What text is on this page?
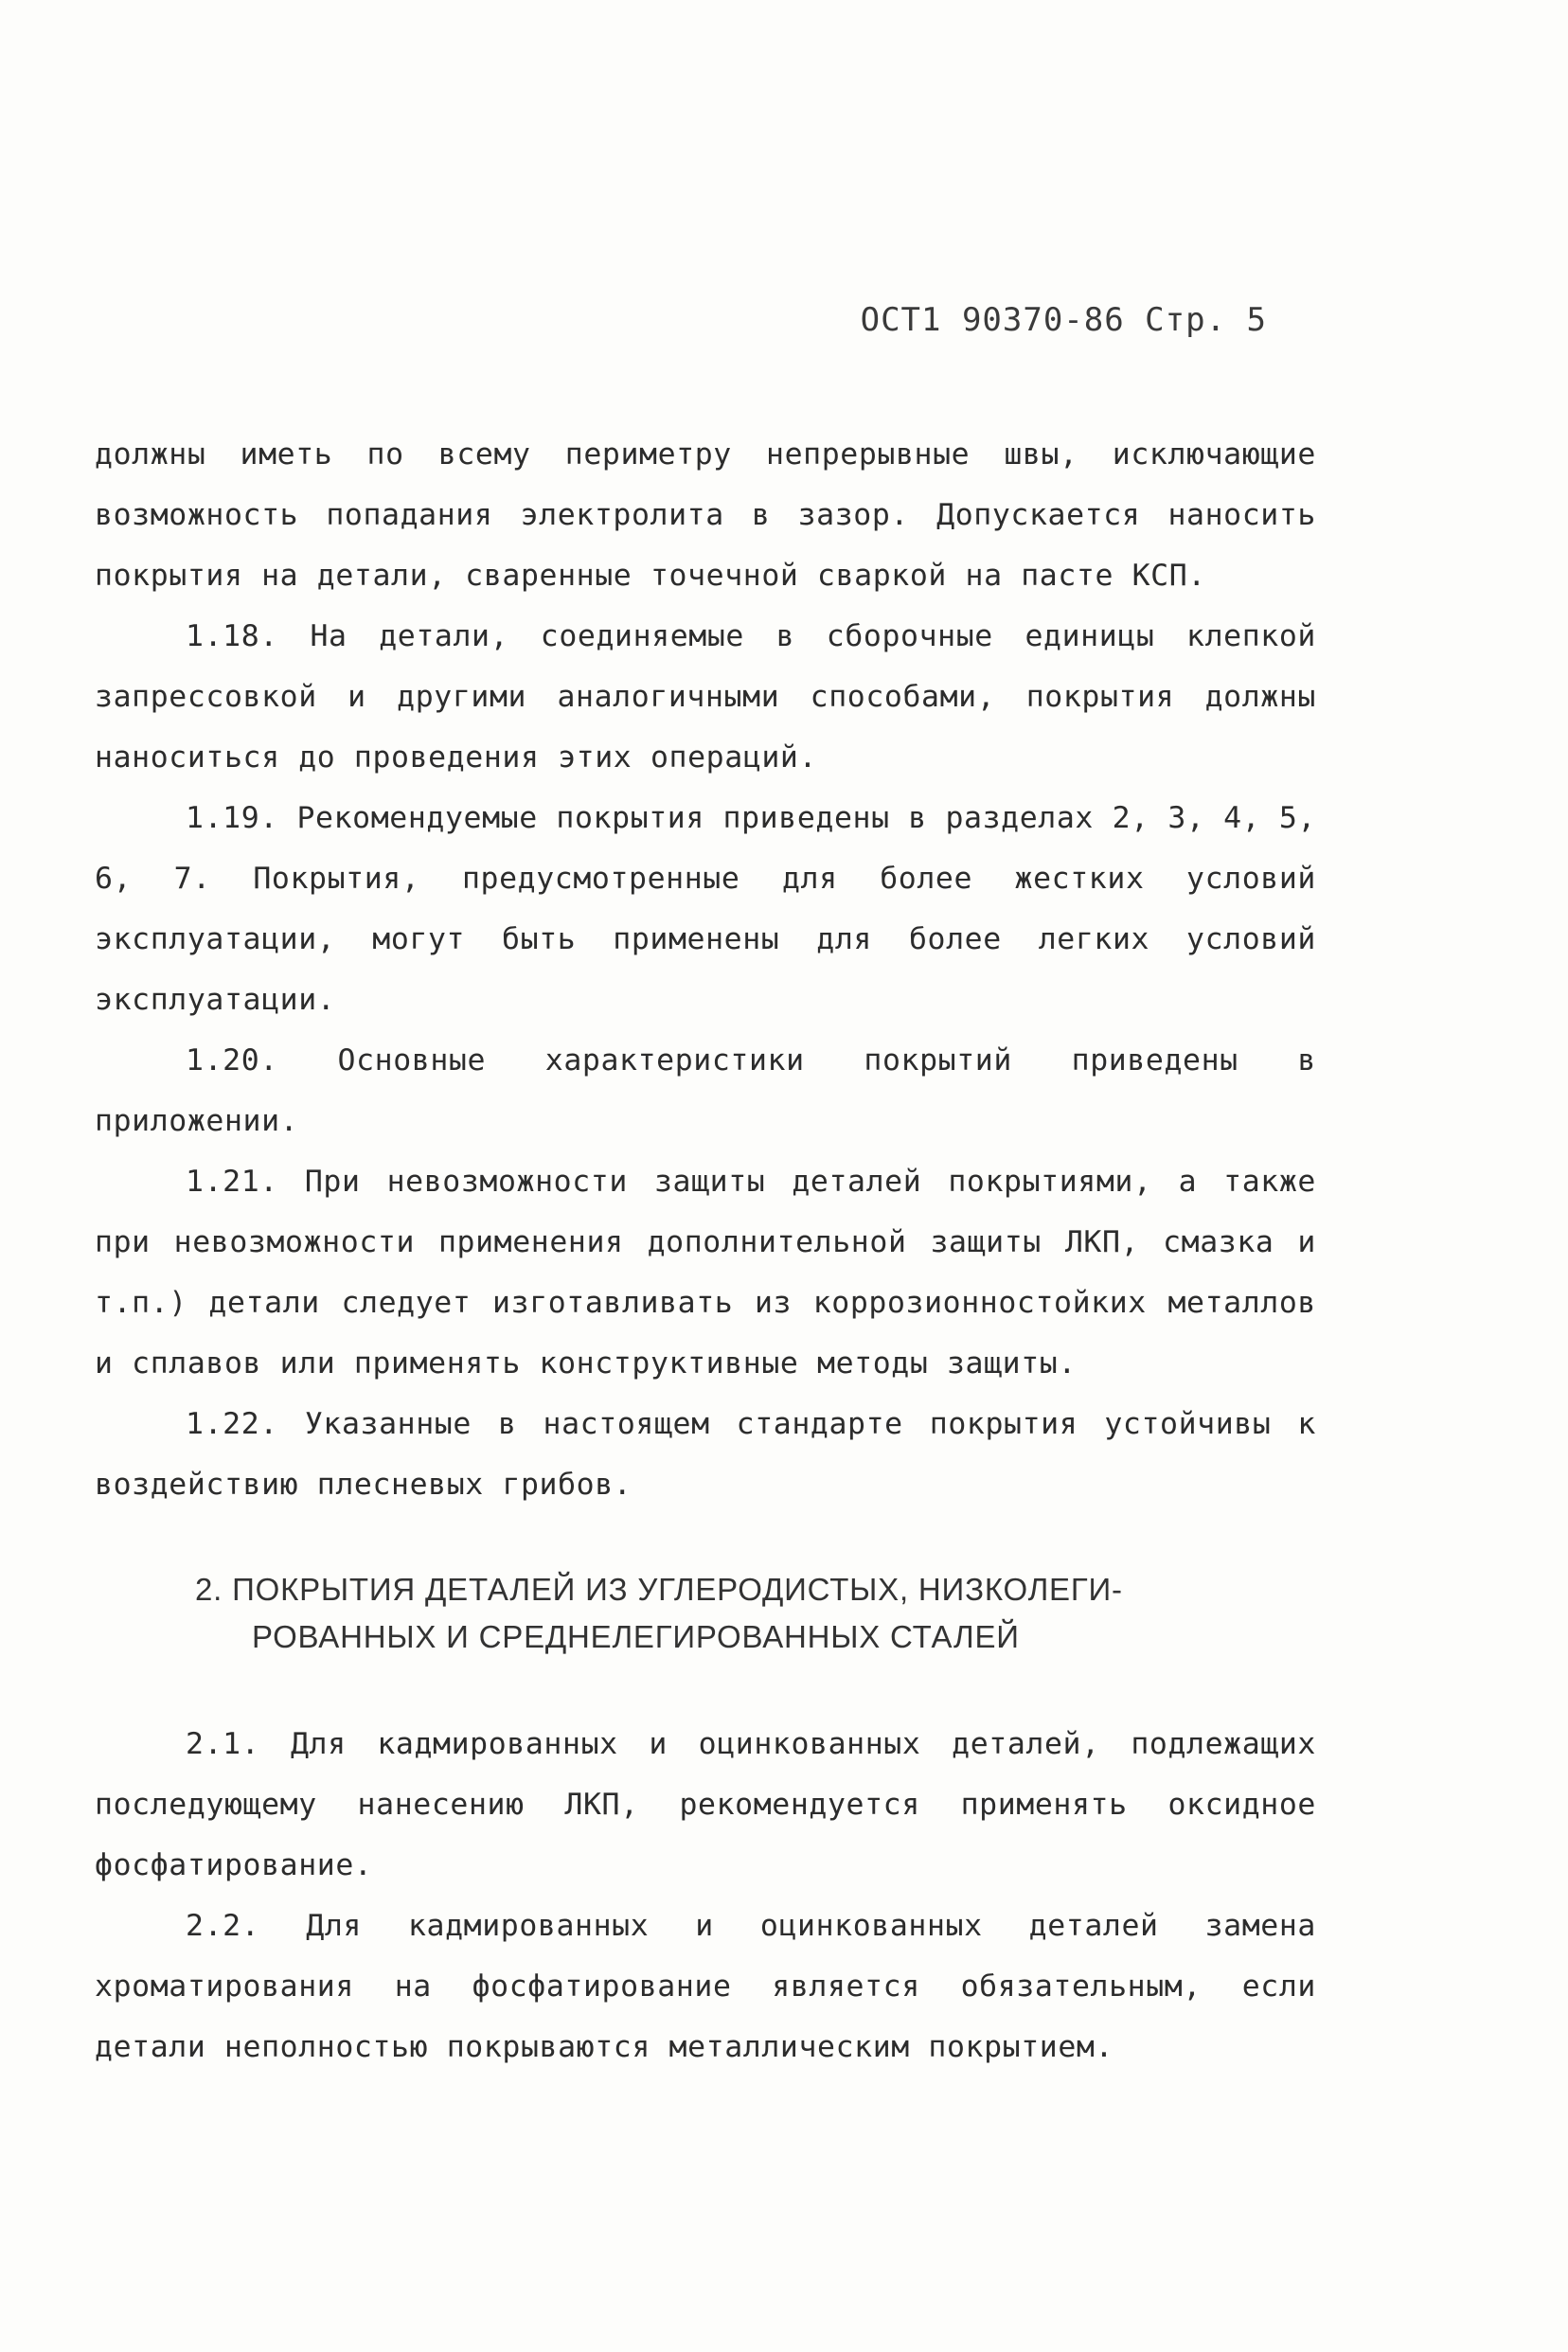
ОСТ1 90370-86 Стр. 5

должны иметь по всему периметру непрерывные швы, исключающие возможность попадания электролита в зазор. Допускается наносить покрытия на детали, сваренные точечной сваркой на пасте КСП.

1.18. На детали, соединяемые в сборочные единицы клепкой запрессовкой и другими аналогичными способами, покрытия должны наноситься до проведения этих операций.

1.19. Рекомендуемые покрытия приведены в разделах 2, 3, 4, 5, 6, 7. Покрытия, предусмотренные для более жестких условий эксплуатации, могут быть применены для более легких условий эксплуатации.

1.20. Основные характеристики покрытий приведены в приложении.

1.21. При невозможности защиты деталей покрытиями, а также при невозможности применения дополнительной защиты ЛКП, смазка и т.п.) детали следует изготавливать из коррозионностойких металлов и сплавов или применять конструктивные методы защиты.

1.22. Указанные в настоящем стандарте покрытия устойчивы к воздействию плесневых грибов.

2. ПОКРЫТИЯ ДЕТАЛЕЙ ИЗ УГЛЕРОДИСТЫХ, НИЗКОЛЕГИ-
РОВАННЫХ И СРЕДНЕЛЕГИРОВАННЫХ СТАЛЕЙ

2.1. Для кадмированных и оцинкованных деталей, подлежащих последующему нанесению ЛКП, рекомендуется применять оксидное фосфатирование.

2.2. Для кадмированных и оцинкованных деталей замена хроматирования на фосфатирование является обязательным, если детали неполностью покрываются металлическим покрытием.
